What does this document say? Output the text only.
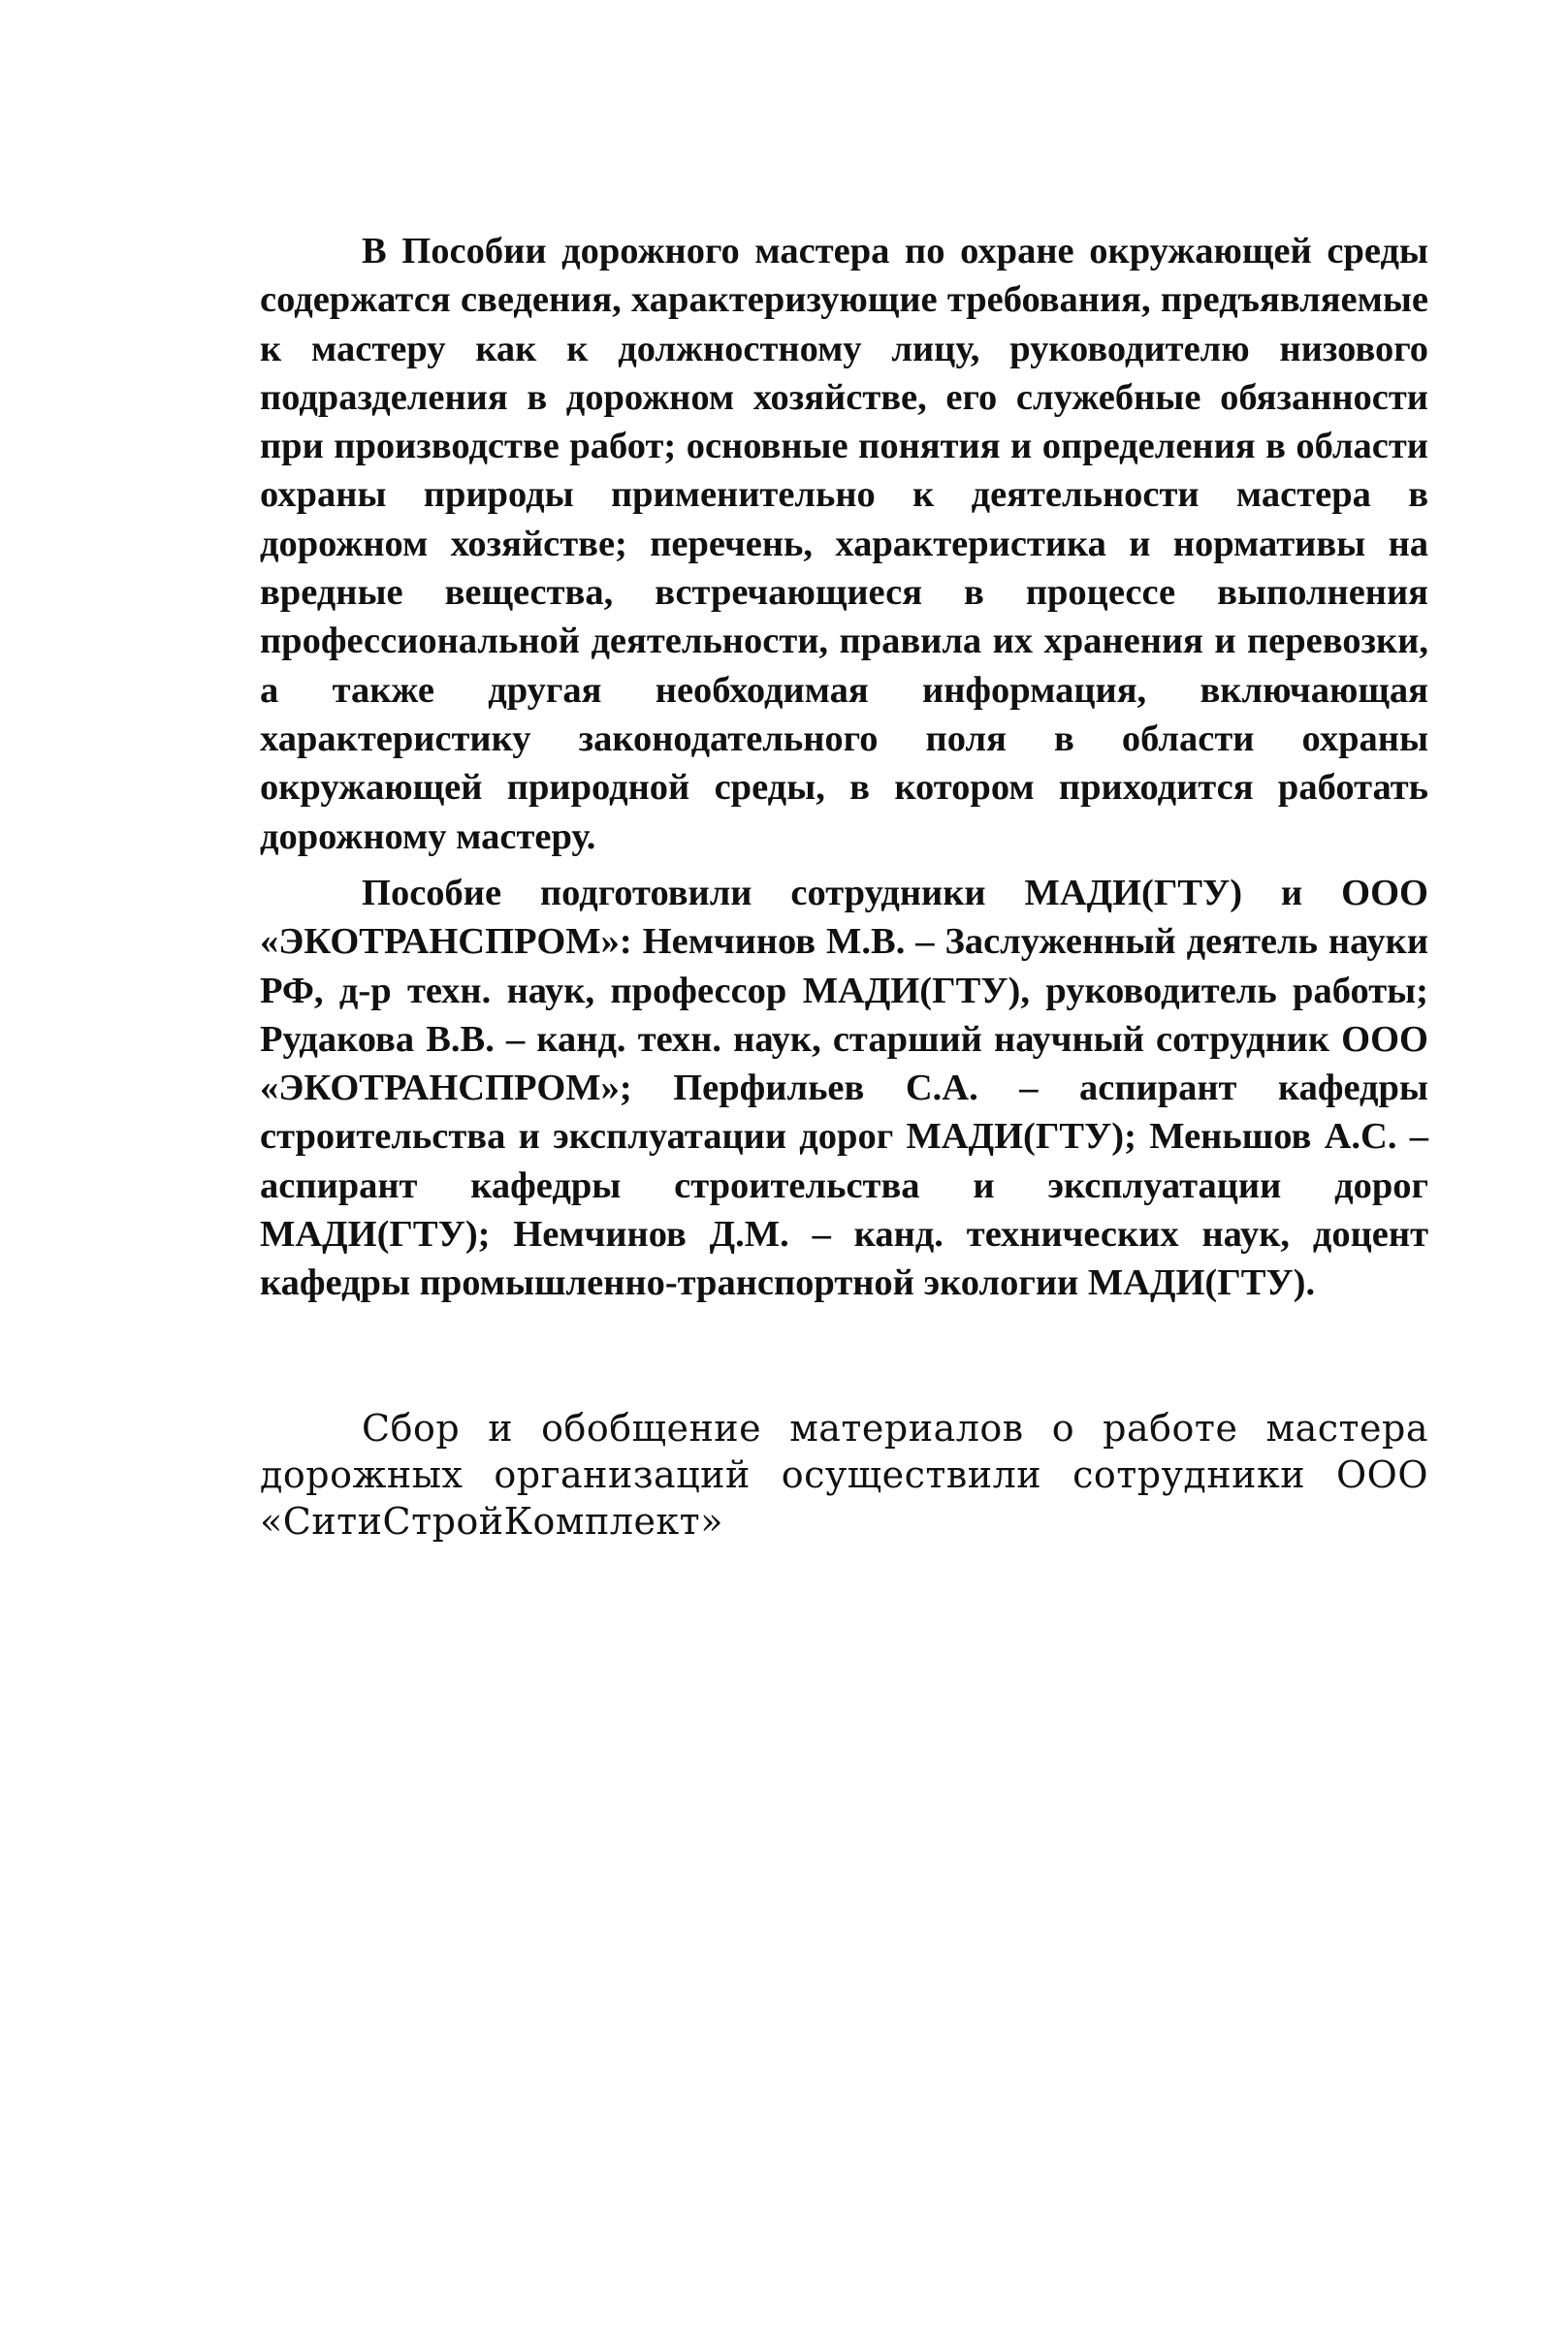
В Пособии дорожного мастера по охране окружающей среды содержатся сведения, характеризующие требования, предъявляемые к мастеру как к должностному лицу, руководителю низового подразделения в дорожном хозяйстве, его служебные обязанности при производстве работ; основные понятия и определения в области охраны природы применительно к деятельности мастера в дорожном хозяйстве; перечень, характеристика и нормативы на вредные вещества, встречающиеся в процессе выполнения профессиональной деятельности, правила их хранения и перевозки, а также другая необходимая информация, включающая характеристику законодательного поля в области охраны окружающей природной среды, в котором приходится работать дорожному мастеру.

Пособие подготовили сотрудники МАДИ(ГТУ) и ООО «ЭКОТРАНСПРОМ»: Немчинов М.В. – Заслуженный деятель науки РФ, д-р техн. наук, профессор МАДИ(ГТУ), руководитель работы; Рудакова В.В. – канд. техн. наук, старший научный сотрудник ООО «ЭКОТРАНСПРОМ»; Перфильев С.А. – аспирант кафедры строительства и эксплуатации дорог МАДИ(ГТУ); Меньшов А.С. – аспирант кафедры строительства и эксплуатации дорог МАДИ(ГТУ); Немчинов Д.М. – канд. технических наук, доцент кафедры промышленно-транспортной экологии МАДИ(ГТУ).

Сбор и обобщение материалов о работе мастера дорожных организаций осуществили сотрудники ООО «СитиСтройКомплект»
